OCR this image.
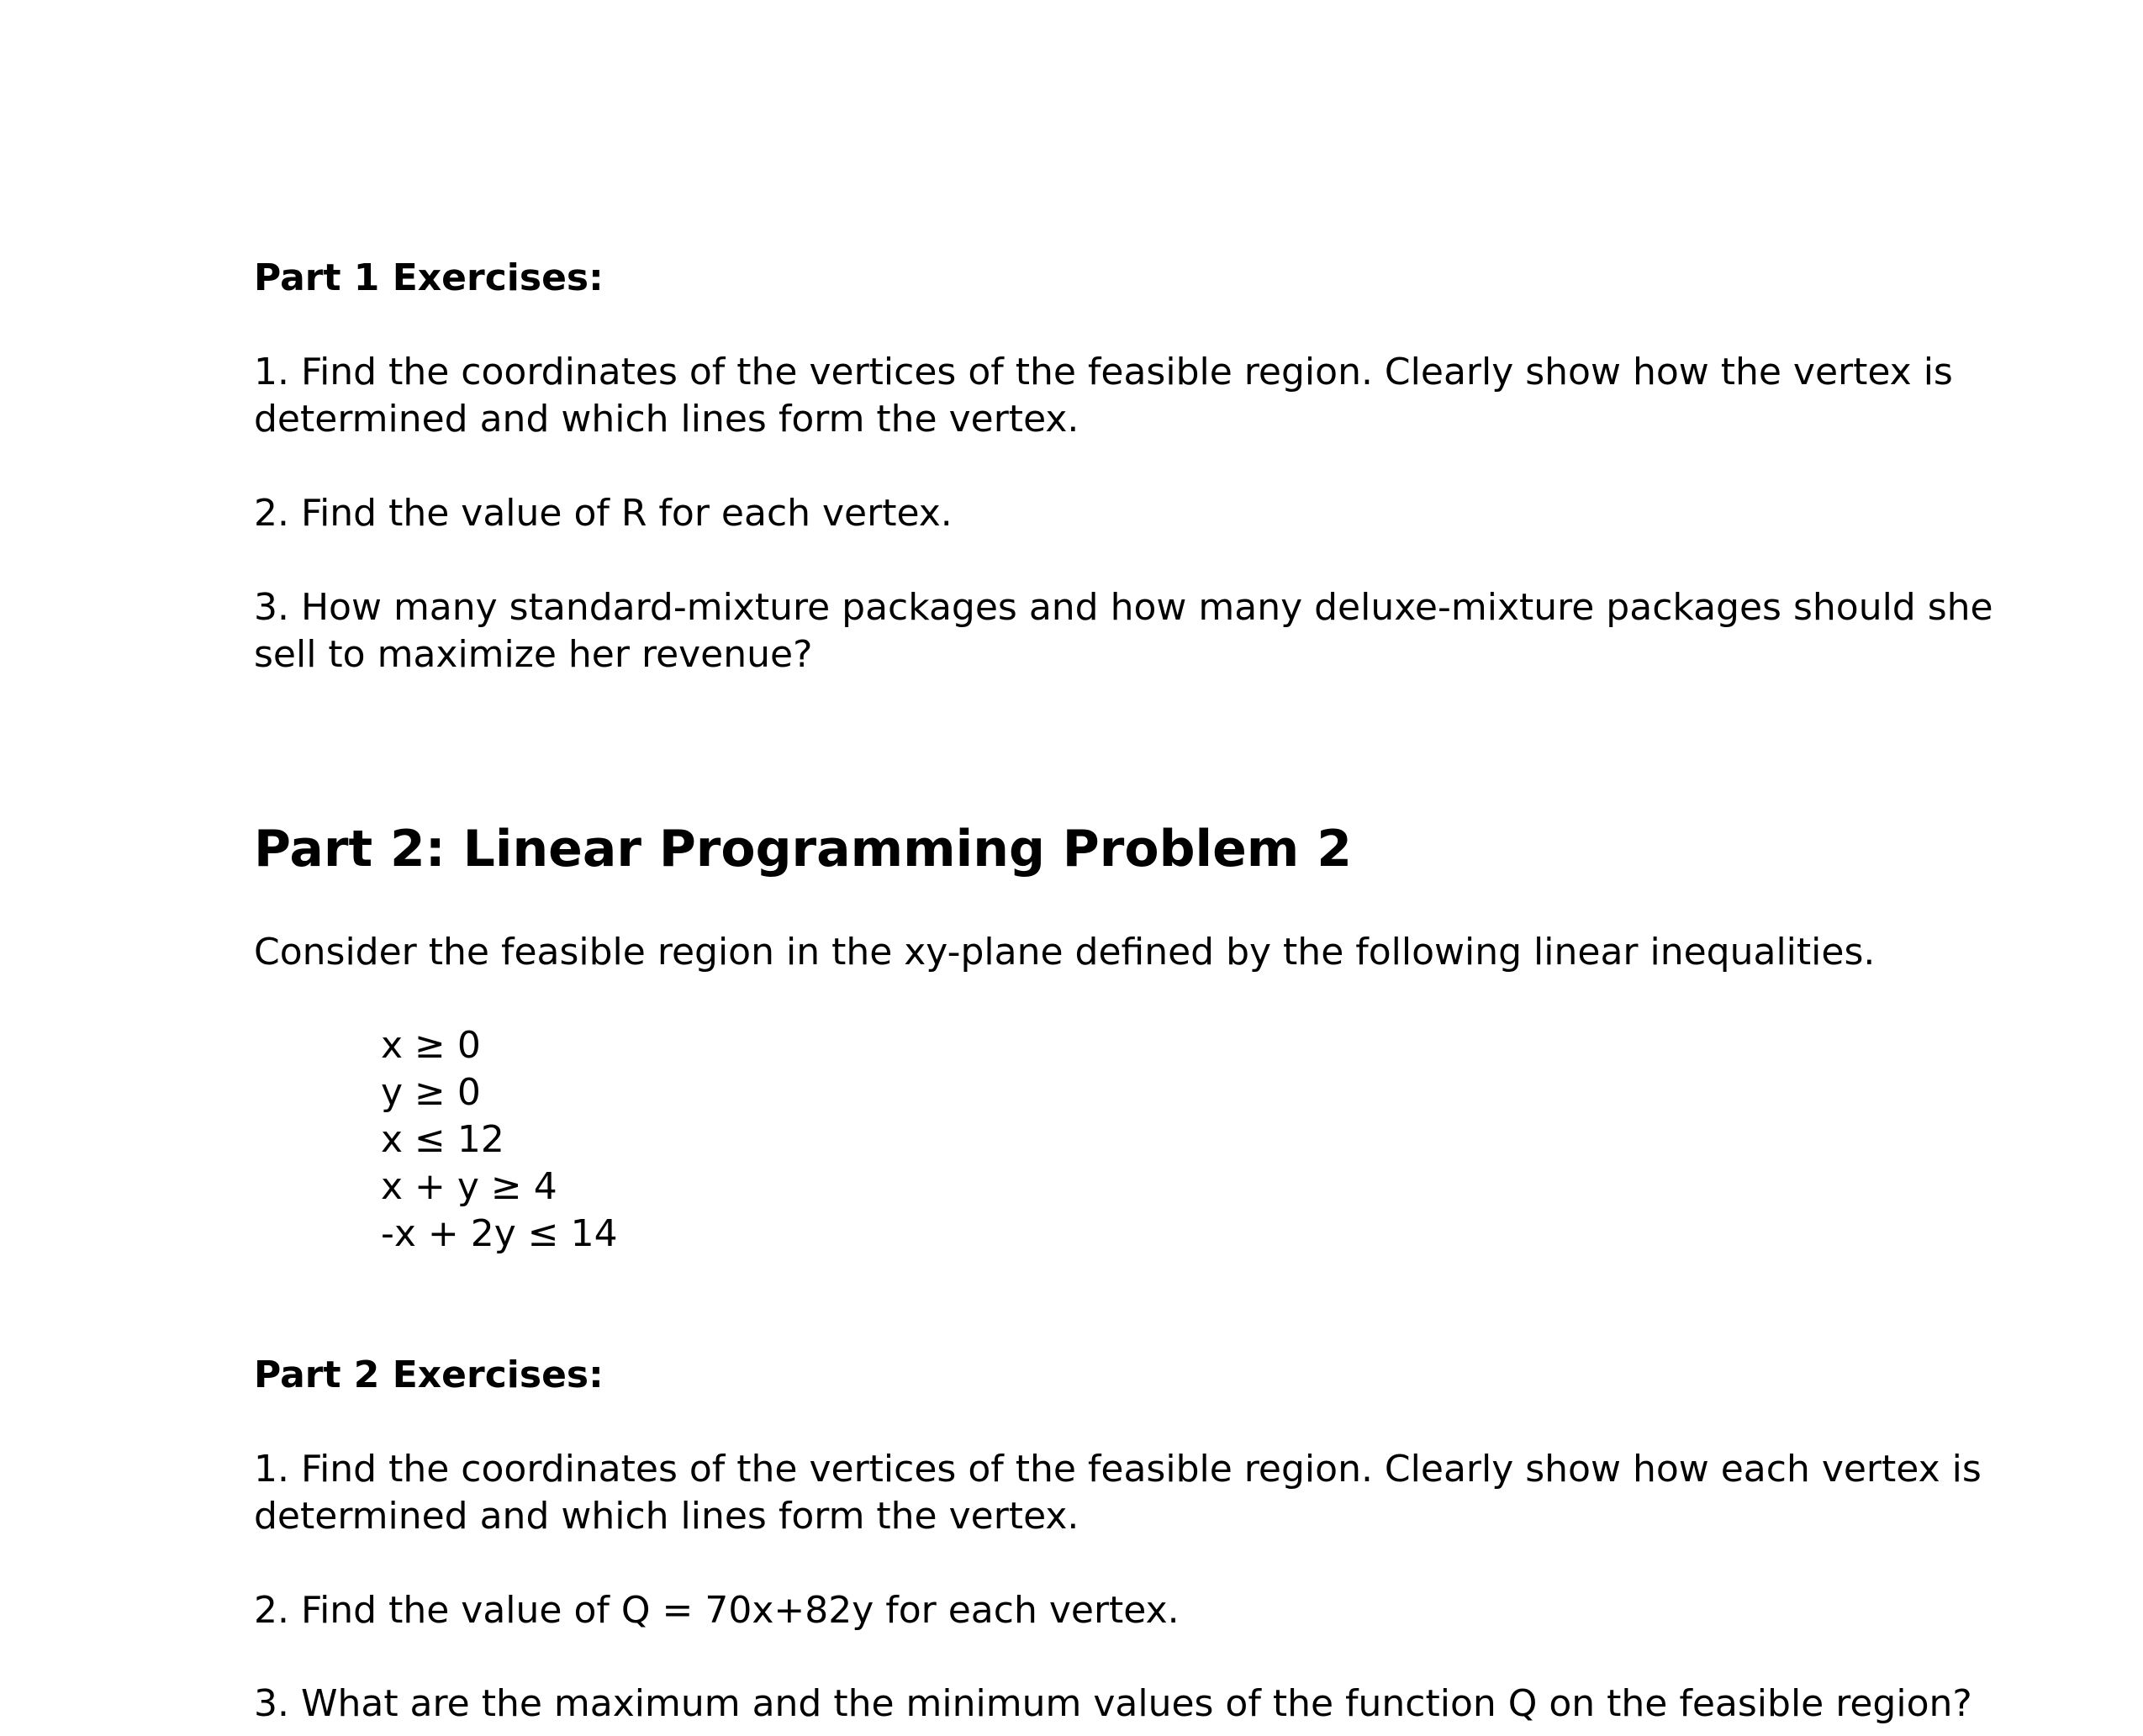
Part 1 Exercises:
1. Find the coordinates of the vertices of the feasible region. Clearly show how the vertex is
determined and which lines form the vertex.
2. Find the value of R for each vertex.
3. How many standard-mixture packages and how many deluxe-mixture packages should she
sell to maximize her revenue?
Part 2: Linear Programming Problem 2
Consider the feasible region in the xy-plane defined by the following linear inequalities.
x ≥ 0
y ≥ 0
x ≤ 12
x + y ≥ 4
-x + 2y ≤ 14
Part 2 Exercises:
1. Find the coordinates of the vertices of the feasible region. Clearly show how each vertex is
determined and which lines form the vertex.
2. Find the value of Q = 70x+82y for each vertex.
3. What are the maximum and the minimum values of the function Q on the feasible region?
